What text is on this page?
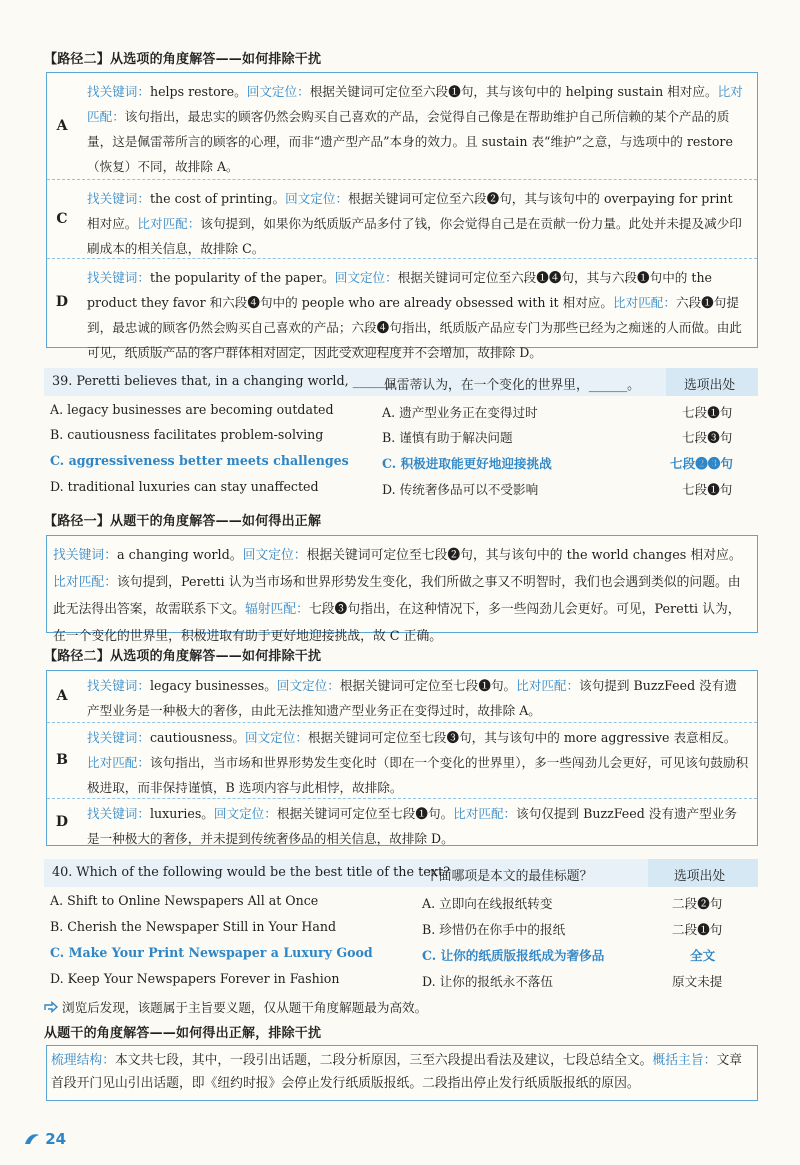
【路径二】从选项的角度解答——如何排除干扰
A
找关键词：helps restore。回文定位：根据关键词可定位至六段❶句，其与该句中的 helping sustain 相对应。比对匹配：该句指出，最忠实的顾客仍然会购买自己喜欢的产品，会觉得自己像是在帮助维护自己所信赖的某个产品的质量，这是佩雷蒂所言的顾客的心理，而非“遗产型产品”本身的效力。且 sustain 表“维护”之意，与选项中的 restore（恢复）不同，故排除 A。
C
找关键词：the cost of printing。回文定位：根据关键词可定位至六段❷句，其与该句中的 overpaying for print 相对应。比对匹配：该句提到，如果你为纸质版产品多付了钱，你会觉得自己是在贡献一份力量。此处并未提及减少印刷成本的相关信息，故排除 C。
D
找关键词：the popularity of the paper。回文定位：根据关键词可定位至六段❶❹句，其与六段❶句中的 the product they favor 和六段❹句中的 people who are already obsessed with it 相对应。比对匹配：六段❶句提到，最忠诚的顾客仍然会购买自己喜欢的产品；六段❹句指出，纸质版产品应专门为那些已经为之痴迷的人而做。由此可见，纸质版产品的客户群体相对固定，因此受欢迎程度并不会增加，故排除 D。
39. Peretti believes that, in a changing world, ______.
佩雷蒂认为，在一个变化的世界里，______。	选项出处
A. legacy businesses are becoming outdated	A. 遗产型业务正在变得过时	七段❶句
B. cautiousness facilitates problem-solving	B. 谨慎有助于解决问题	七段❸句
C. aggressiveness better meets challenges	C. 积极进取能更好地迎接挑战	七段❷❸句
D. traditional luxuries can stay unaffected	D. 传统奢侈品可以不受影响	七段❶句
【路径一】从题干的角度解答——如何得出正解
找关键词：a changing world。回文定位：根据关键词可定位至七段❷句，其与该句中的 the world changes 相对应。比对匹配：该句提到，Peretti 认为当市场和世界形势发生变化，我们所做之事又不明智时，我们也会遇到类似的问题。由此无法得出答案，故需联系下文。辐射匹配：七段❸句指出，在这种情况下，多一些闯劲儿会更好。可见，Peretti 认为，在一个变化的世界里，积极进取有助于更好地迎接挑战，故 C 正确。
【路径二】从选项的角度解答——如何排除干扰
A
找关键词：legacy businesses。回文定位：根据关键词可定位至七段❶句。比对匹配：该句提到 BuzzFeed 没有遗产型业务是一种极大的奢侈，由此无法推知遗产型业务正在变得过时，故排除 A。
B
找关键词：cautiousness。回文定位：根据关键词可定位至七段❸句，其与该句中的 more aggressive 表意相反。比对匹配：该句指出，当市场和世界形势发生变化时（即在一个变化的世界里），多一些闯劲儿会更好，可见该句鼓励积极进取，而非保持谨慎，B 选项内容与此相悖，故排除。
D	找关键词：luxuries。回文定位：根据关键词可定位至七段❶句。比对匹配：该句仅提到 BuzzFeed 没有遗产型业务是一种极大的奢侈，并未提到传统奢侈品的相关信息，故排除 D。
40. Which of the following would be the best title of the text?
下面哪项是本文的最佳标题？	选项出处
A. Shift to Online Newspapers All at Once	A. 立即向在线报纸转变	二段❷句
B. Cherish the Newspaper Still in Your Hand	B. 珍惜仍在你手中的报纸	二段❶句
C. Make Your Print Newspaper a Luxury Good	C. 让你的纸质版报纸成为奢侈品	全文
D. Keep Your Newspapers Forever in Fashion	D. 让你的报纸永不落伍	原文未提
浏览后发现，该题属于主旨要义题，仅从题干角度解题最为高效。
从题干的角度解答——如何得出正解，排除干扰
梳理结构：本文共七段，其中，一段引出话题，二段分析原因，三至六段提出看法及建议，七段总结全文。概括主旨：文章首段开门见山引出话题，即《纽约时报》会停止发行纸质版报纸。二段指出停止发行纸质版报纸的原因。
24
